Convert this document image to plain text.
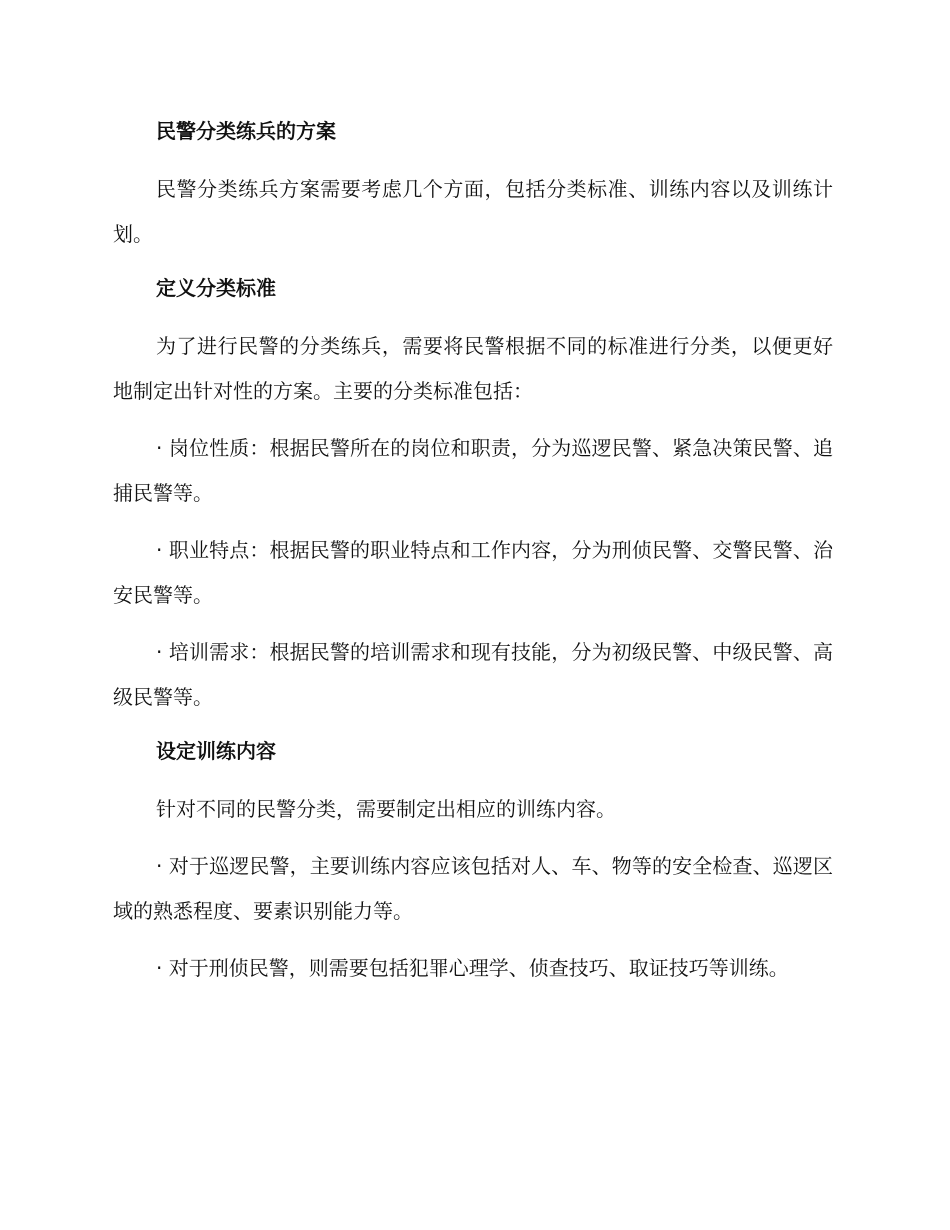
民警分类练兵的方案

民警分类练兵方案需要考虑几个方面，包括分类标准、训练内容以及训练计划。

定义分类标准

为了进行民警的分类练兵，需要将民警根据不同的标准进行分类，以便更好地制定出针对性的方案。主要的分类标准包括：

· 岗位性质：根据民警所在的岗位和职责，分为巡逻民警、紧急决策民警、追捕民警等。

· 职业特点：根据民警的职业特点和工作内容，分为刑侦民警、交警民警、治安民警等。

· 培训需求：根据民警的培训需求和现有技能，分为初级民警、中级民警、高级民警等。

设定训练内容

针对不同的民警分类，需要制定出相应的训练内容。

· 对于巡逻民警，主要训练内容应该包括对人、车、物等的安全检查、巡逻区域的熟悉程度、要素识别能力等。

· 对于刑侦民警，则需要包括犯罪心理学、侦查技巧、取证技巧等训练。
